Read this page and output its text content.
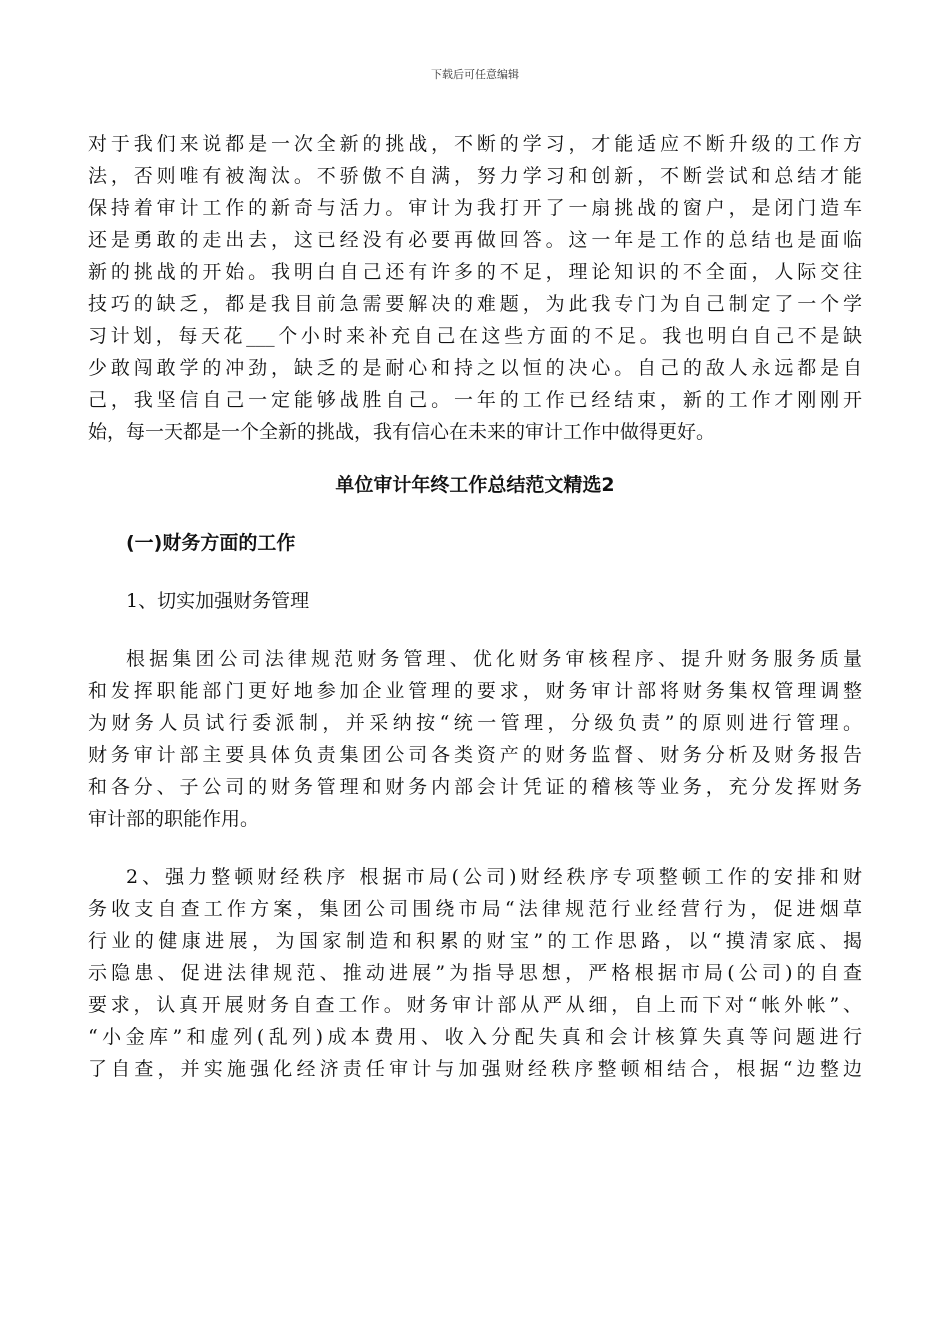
下载后可任意编辑
对于我们来说都是一次全新的挑战，不断的学习，才能适应不断升级的工作方
法，否则唯有被淘汰。不骄傲不自满，努力学习和创新，不断尝试和总结才能
保持着审计工作的新奇与活力。审计为我打开了一扇挑战的窗户，是闭门造车
还是勇敢的走出去，这已经没有必要再做回答。这一年是工作的总结也是面临
新的挑战的开始。我明白自己还有许多的不足，理论知识的不全面，人际交往
技巧的缺乏，都是我目前急需要解决的难题，为此我专门为自己制定了一个学
习计划，每天花___个小时来补充自己在这些方面的不足。我也明白自己不是缺
少敢闯敢学的冲劲，缺乏的是耐心和持之以恒的决心。自己的敌人永远都是自
己，我坚信自己一定能够战胜自己。一年的工作已经结束，新的工作才刚刚开
始，每一天都是一个全新的挑战，我有信心在未来的审计工作中做得更好。
单位审计年终工作总结范文精选2
(一)财务方面的工作
1、切实加强财务管理
根据集团公司法律规范财务管理、优化财务审核程序、提升财务服务质量
和发挥职能部门更好地参加企业管理的要求，财务审计部将财务集权管理调整
为财务人员试行委派制，并采纳按“统一管理，分级负责”的原则进行管理。
财务审计部主要具体负责集团公司各类资产的财务监督、财务分析及财务报告
和各分、子公司的财务管理和财务内部会计凭证的稽核等业务，充分发挥财务
审计部的职能作用。
2、强力整顿财经秩序 根据市局(公司)财经秩序专项整顿工作的安排和财
务收支自查工作方案，集团公司围绕市局“法律规范行业经营行为，促进烟草
行业的健康进展，为国家制造和积累的财宝”的工作思路，以“摸清家底、揭
示隐患、促进法律规范、推动进展”为指导思想，严格根据市局(公司)的自查
要求，认真开展财务自查工作。财务审计部从严从细，自上而下对“帐外帐”、
“小金库”和虚列(乱列)成本费用、收入分配失真和会计核算失真等问题进行
了自查，并实施强化经济责任审计与加强财经秩序整顿相结合，根据“边整边
